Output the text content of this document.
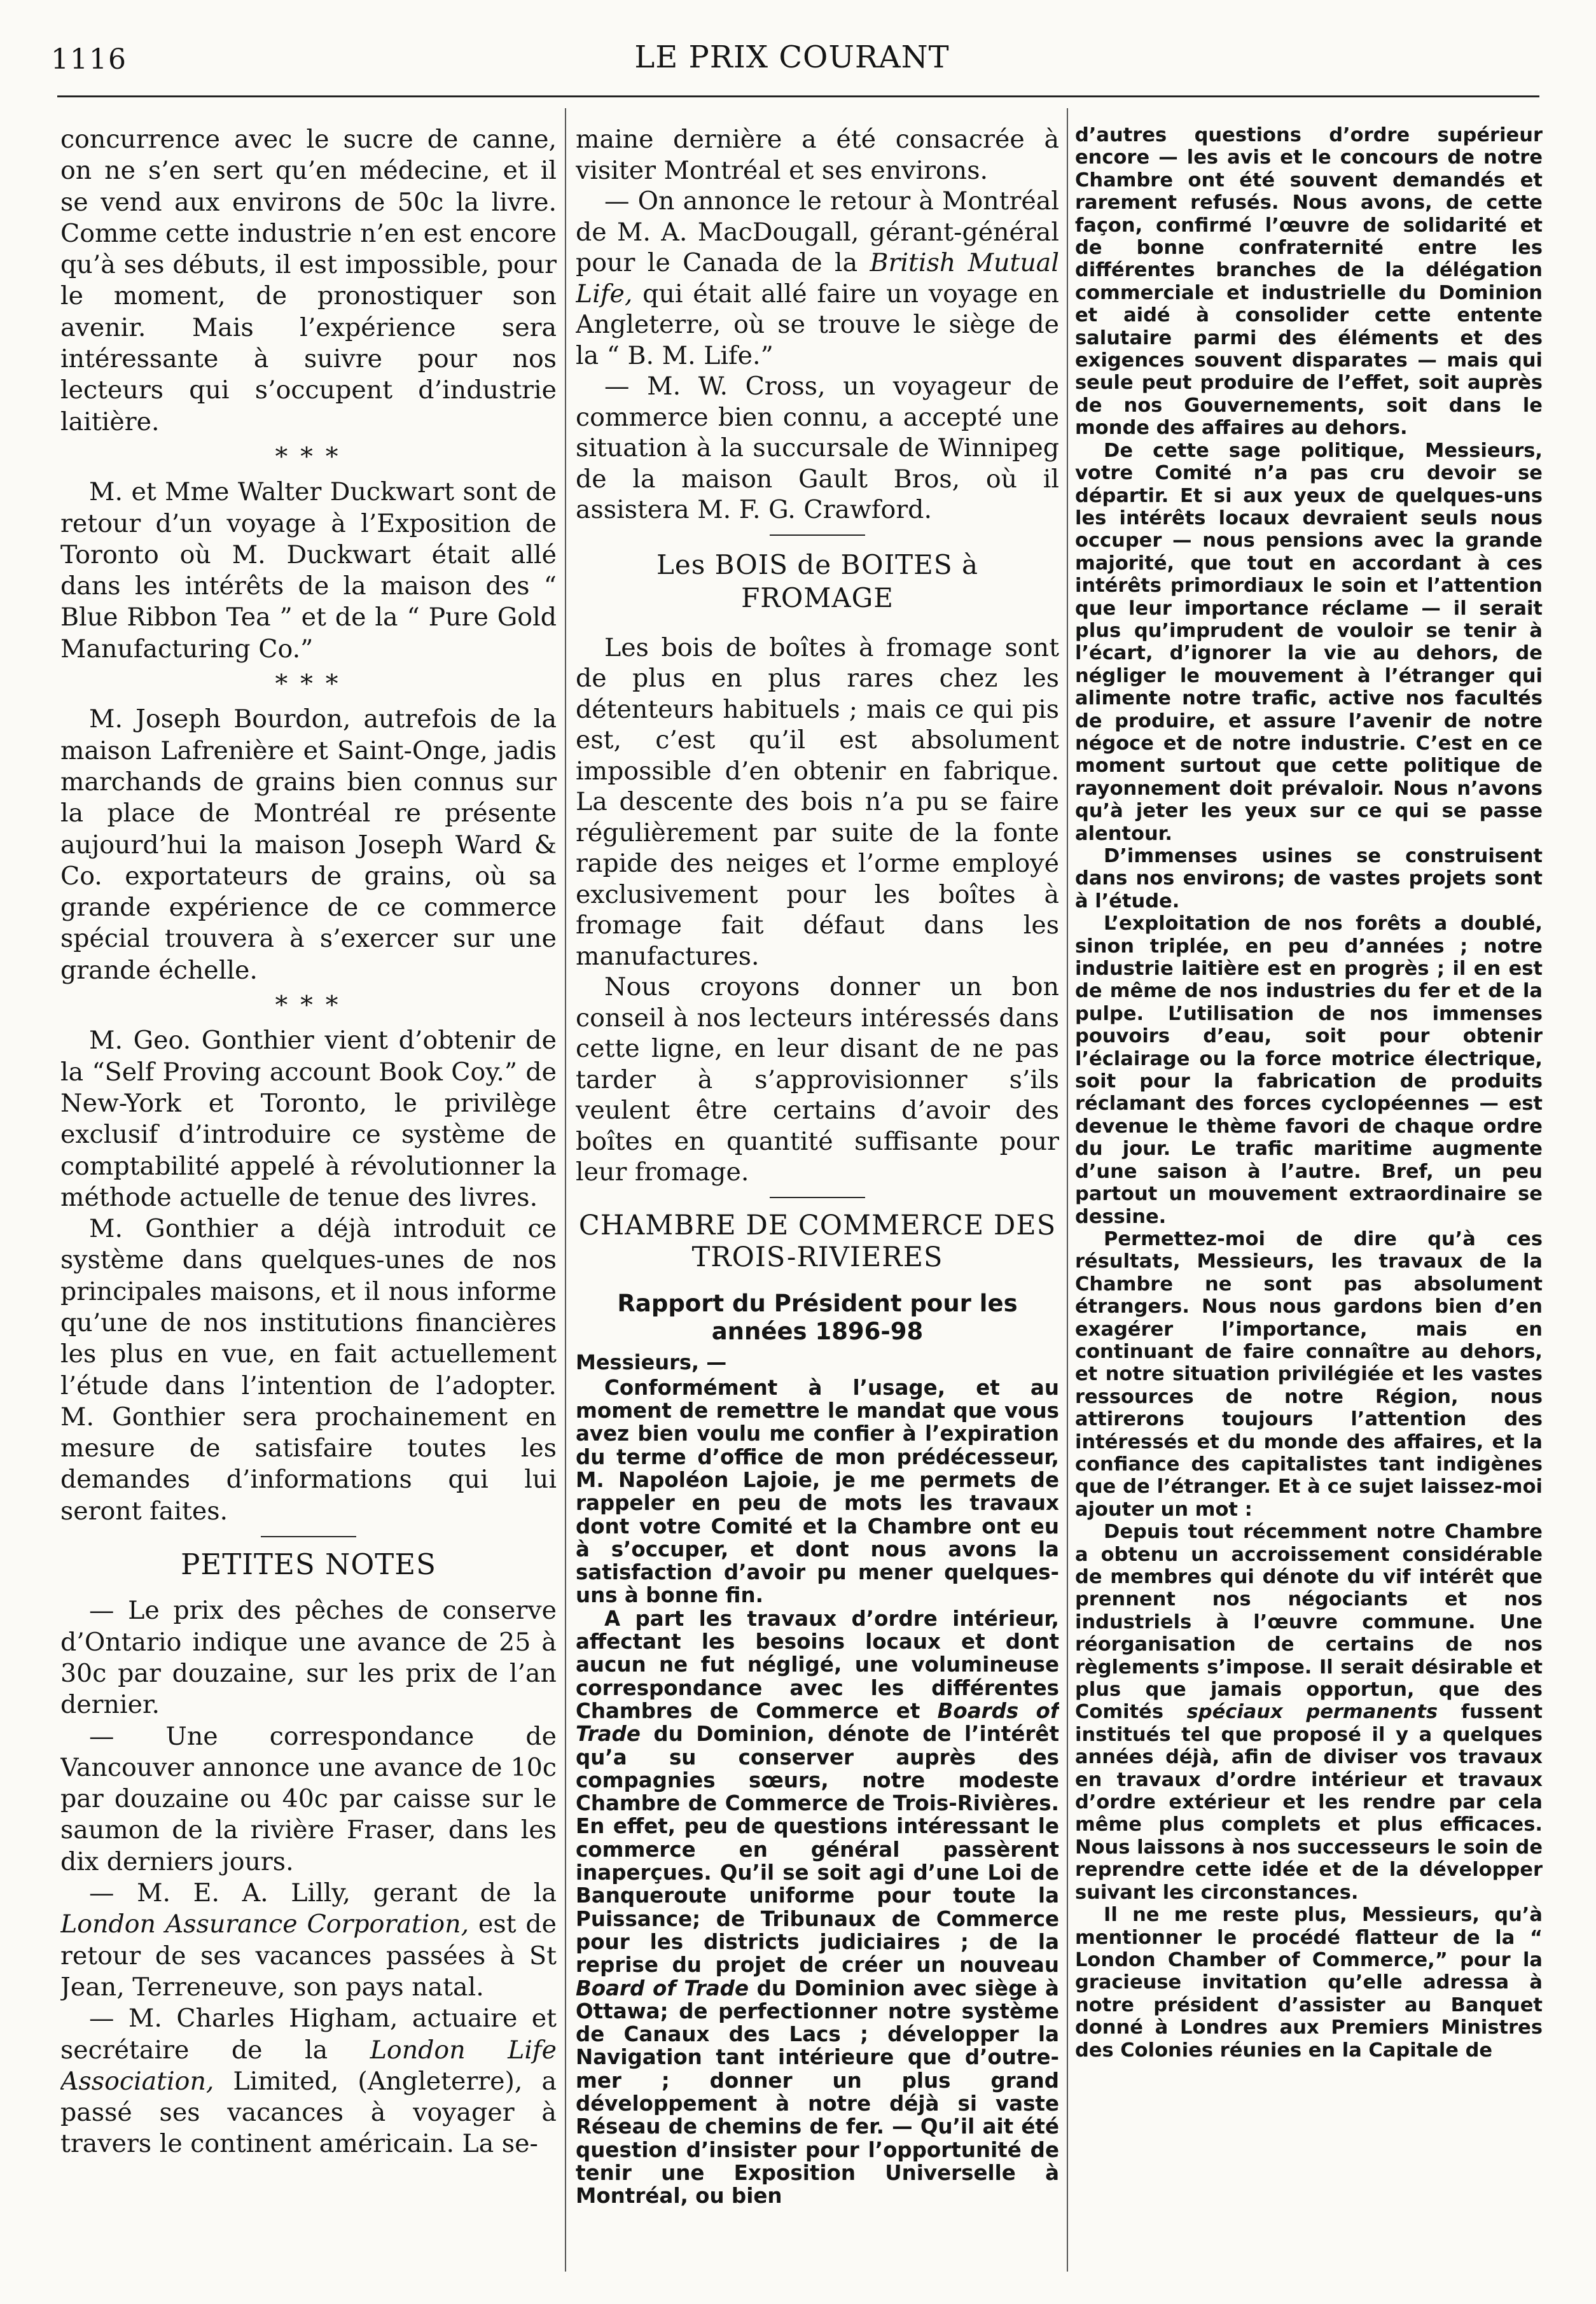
1116	LE PRIX COURANT

concurrence avec le sucre de canne, on ne s’en sert qu’en médecine, et il se vend aux environs de 50c la livre. Comme cette industrie n’en est encore qu’à ses débuts, il est impossible, pour le moment, de pronostiquer son avenir. Mais l’expérience sera intéressante à suivre pour nos lecteurs qui s’occupent d’industrie laitière.

* * *

M. et Mme Walter Duckwart sont de retour d’un voyage à l’Exposition de Toronto où M. Duckwart était allé dans les intérêts de la maison des “ Blue Ribbon Tea ” et de la “ Pure Gold Manufacturing Co.”

* * *

M. Joseph Bourdon, autrefois de la maison Lafrenière et Saint-Onge, jadis marchands de grains bien connus sur la place de Montréal re présente aujourd’hui la maison Joseph Ward & Co. exportateurs de grains, où sa grande expérience de ce commerce spécial trouvera à s’exercer sur une grande échelle.

* * *

M. Geo. Gonthier vient d’obtenir de la “Self Proving account Book Coy.” de New-York et Toronto, le privilège exclusif d’introduire ce système de comptabilité appelé à révolutionner la méthode actuelle de tenue des livres.

M. Gonthier a déjà introduit ce système dans quelques-unes de nos principales maisons, et il nous informe qu’une de nos institutions financières les plus en vue, en fait actuellement l’étude dans l’intention de l’adopter. M. Gonthier sera prochainement en mesure de satisfaire toutes les demandes d’informations qui lui seront faites.

PETITES NOTES

— Le prix des pêches de conserve d’Ontario indique une avance de 25 à 30c par douzaine, sur les prix de l’an dernier.

— Une correspondance de Vancouver annonce une avance de 10c par douzaine ou 40c par caisse sur le saumon de la rivière Fraser, dans les dix derniers jours.

— M. E. A. Lilly, gerant de la London Assurance Corporation, est de retour de ses vacances passées à St Jean, Terreneuve, son pays natal.

— M. Charles Higham, actuaire et secrétaire de la London Life Association, Limited, (Angleterre), a passé ses vacances à voyager à travers le continent américain. La se-

maine dernière a été consacrée à visiter Montréal et ses environs.

— On annonce le retour à Montréal de M. A. MacDougall, gérant-général pour le Canada de la British Mutual Life, qui était allé faire un voyage en Angleterre, où se trouve le siège de la “ B. M. Life.”

— M. W. Cross, un voyageur de commerce bien connu, a accepté une situation à la succursale de Winnipeg de la maison Gault Bros, où il assistera M. F. G. Crawford.

Les BOIS de BOITES à FROMAGE

Les bois de boîtes à fromage sont de plus en plus rares chez les détenteurs habituels ; mais ce qui pis est, c’est qu’il est absolument impossible d’en obtenir en fabrique. La descente des bois n’a pu se faire régulièrement par suite de la fonte rapide des neiges et l’orme employé exclusivement pour les boîtes à fromage fait défaut dans les manufactures.

Nous croyons donner un bon conseil à nos lecteurs intéressés dans cette ligne, en leur disant de ne pas tarder à s’approvisionner s’ils veulent être certains d’avoir des boîtes en quantité suffisante pour leur fromage.

CHAMBRE DE COMMERCE DES TROIS-RIVIERES
Rapport du Président pour les années 1896-98
Messieurs, —

Conformément à l’usage, et au moment de remettre le mandat que vous avez bien voulu me confier à l’expiration du terme d’office de mon prédécesseur, M. Napoléon Lajoie, je me permets de rappeler en peu de mots les travaux dont votre Comité et la Chambre ont eu à s’occuper, et dont nous avons la satisfaction d’avoir pu mener quelques-uns à bonne fin.

A part les travaux d’ordre intérieur, affectant les besoins locaux et dont aucun ne fut négligé, une volumineuse correspondance avec les différentes Chambres de Commerce et Boards of Trade du Dominion, dénote de l’intérêt qu’a su conserver auprès des compagnies sœurs, notre modeste Chambre de Commerce de Trois-Rivières. En effet, peu de questions intéressant le commerce en général passèrent inaperçues. Qu’il se soit agi d’une Loi de Banqueroute uniforme pour toute la Puissance; de Tribunaux de Commerce pour les districts judiciaires ; de la reprise du projet de créer un nouveau Board of Trade du Dominion avec siège à Ottawa; de perfectionner notre système de Canaux des Lacs ; développer la Navigation tant intérieure que d’outre-mer ; donner un plus grand développement à notre déjà si vaste Réseau de chemins de fer. — Qu’il ait été question d’insister pour l’opportunité de tenir une Exposition Universelle à Montréal, ou bien

d’autres questions d’ordre supérieur encore — les avis et le concours de notre Chambre ont été souvent demandés et rarement refusés. Nous avons, de cette façon, confirmé l’œuvre de solidarité et de bonne confraternité entre les différentes branches de la délégation commerciale et industrielle du Dominion et aidé à consolider cette entente salutaire parmi des éléments et des exigences souvent disparates — mais qui seule peut produire de l’effet, soit auprès de nos Gouvernements, soit dans le monde des affaires au dehors.

De cette sage politique, Messieurs, votre Comité n’a pas cru devoir se départir. Et si aux yeux de quelques-uns les intérêts locaux devraient seuls nous occuper — nous pensions avec la grande majorité, que tout en accordant à ces intérêts primordiaux le soin et l’attention que leur importance réclame — il serait plus qu’imprudent de vouloir se tenir à l’écart, d’ignorer la vie au dehors, de négliger le mouvement à l’étranger qui alimente notre trafic, active nos facultés de produire, et assure l’avenir de notre négoce et de notre industrie. C’est en ce moment surtout que cette politique de rayonnement doit prévaloir. Nous n’avons qu’à jeter les yeux sur ce qui se passe alentour.

D’immenses usines se construisent dans nos environs; de vastes projets sont à l’étude.

L’exploitation de nos forêts a doublé, sinon triplée, en peu d’années ; notre industrie laitière est en progrès ; il en est de même de nos industries du fer et de la pulpe. L’utilisation de nos immenses pouvoirs d’eau, soit pour obtenir l’éclairage ou la force motrice électrique, soit pour la fabrication de produits réclamant des forces cyclopéennes — est devenue le thème favori de chaque ordre du jour. Le trafic maritime augmente d’une saison à l’autre. Bref, un peu partout un mouvement extraordinaire se dessine.

Permettez-moi de dire qu’à ces résultats, Messieurs, les travaux de la Chambre ne sont pas absolument étrangers. Nous nous gardons bien d’en exagérer l’importance, mais en continuant de faire connaître au dehors, et notre situation privilégiée et les vastes ressources de notre Région, nous attirerons toujours l’attention des intéressés et du monde des affaires, et la confiance des capitalistes tant indigènes que de l’étranger. Et à ce sujet laissez-moi ajouter un mot :

Depuis tout récemment notre Chambre a obtenu un accroissement considérable de membres qui dénote du vif intérêt que prennent nos négociants et nos industriels à l’œuvre commune. Une réorganisation de certains de nos règlements s’impose. Il serait désirable et plus que jamais opportun, que des Comités spéciaux permanents fussent institués tel que proposé il y a quelques années déjà, afin de diviser vos travaux en travaux d’ordre intérieur et travaux d’ordre extérieur et les rendre par cela même plus complets et plus efficaces. Nous laissons à nos successeurs le soin de reprendre cette idée et de la développer suivant les circonstances.

Il ne me reste plus, Messieurs, qu’à mentionner le procédé flatteur de la “ London Chamber of Commerce,” pour la gracieuse invitation qu’elle adressa à notre président d’assister au Banquet donné à Londres aux Premiers Ministres des Colonies réunies en la Capitale de
